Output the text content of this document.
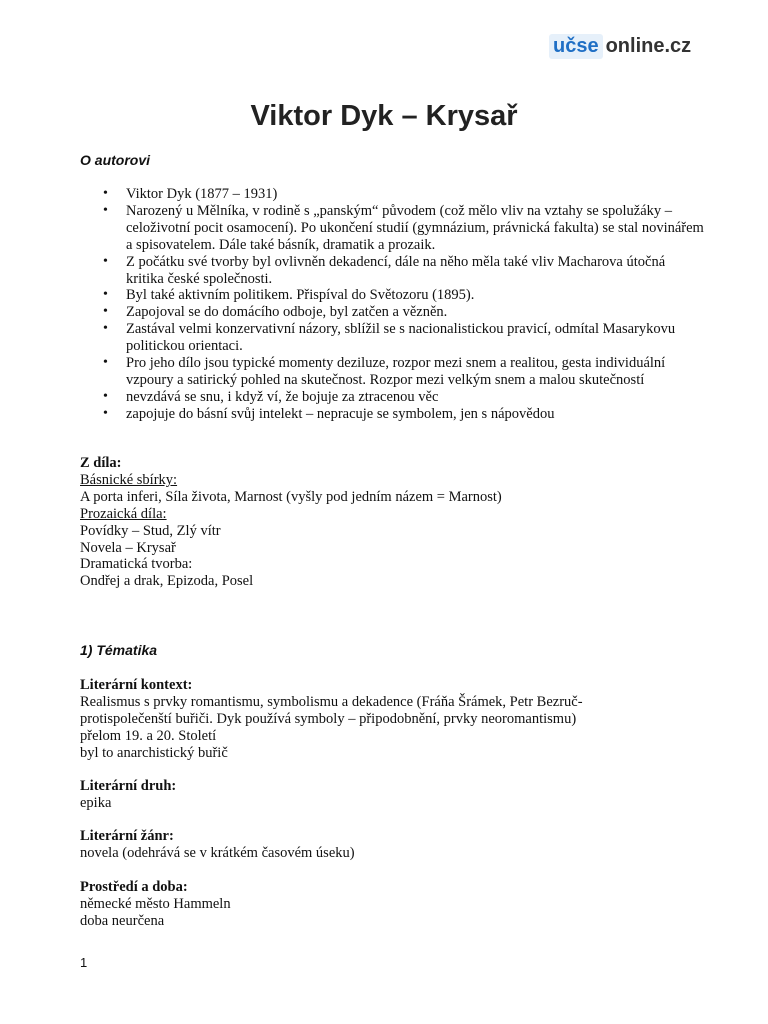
učse online.cz
Viktor Dyk – Krysař
O autorovi
• Viktor Dyk (1877 – 1931)
• Narozený u Mělníka, v rodině s „panským“ původem (což mělo vliv na vztahy se spolužáky – celoživotní pocit osamocení). Po ukončení studií (gymnázium, právnická fakulta) se stal novinářem a spisovatelem. Dále také básník, dramatik a prozaik.
• Z počátku své tvorby byl ovlivněn dekadencí, dále na něho měla také vliv Macharova útočná kritika české společnosti.
• Byl také aktivním politikem. Přispíval do Světozoru (1895).
• Zapojoval se do domácího odboje, byl zatčen a vězněn.
• Zastával velmi konzervativní názory, sblížil se s nacionalistickou pravicí, odmítal Masarykovu politickou orientaci.
• Pro jeho dílo jsou typické momenty deziluze, rozpor mezi snem a realitou, gesta individuální vzpoury a satirický pohled na skutečnost. Rozpor mezi velkým snem a malou skutečností
• nevzdává se snu, i když ví, že bojuje za ztracenou věc
• zapojuje do básní svůj intelekt – nepracuje se symbolem, jen s nápovědou
Z díla:
Básnické sbírky:
A porta inferi, Síla života, Marnost (vyšly pod jedním názem = Marnost)
Prozaická díla:
Povídky – Stud, Zlý vítr
Novela – Krysař
Dramatická tvorba:
Ondřej a drak, Epizoda, Posel
1) Tématika
Literární kontext:
Realismus s prvky romantismu, symbolismu a dekadence (Fráňa Šrámek, Petr Bezruč-
protispolečenští buřiči. Dyk používá symboly – připodobnění, prvky neoromantismu)
přelom 19. a 20. Století
byl to anarchistický buřič
Literární druh:
epika
Literární žánr:
novela (odehrává se v krátkém časovém úseku)
Prostředí a doba:
německé město Hammeln
doba neurčena
1
